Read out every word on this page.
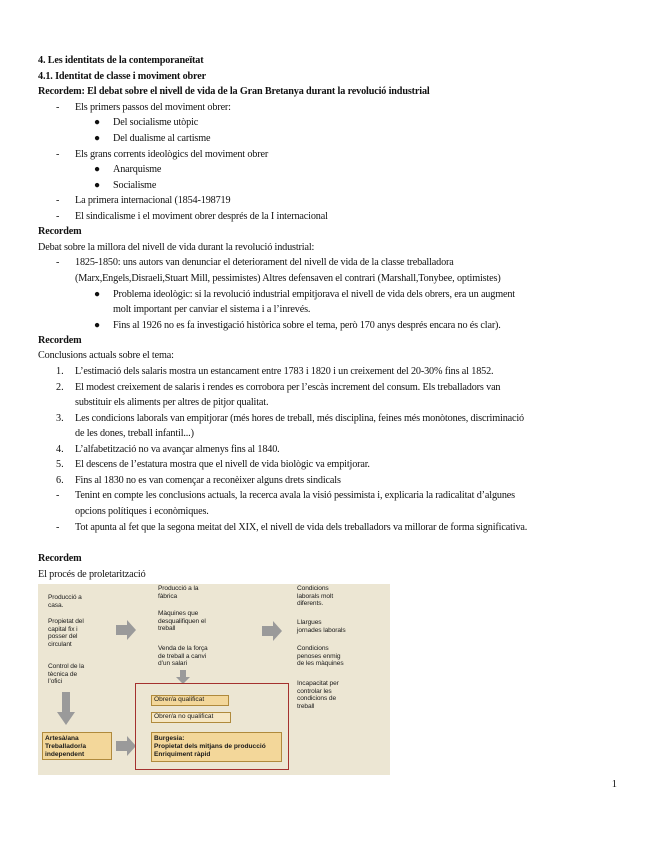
4. Les identitats de la contemporaneïtat
4.1. Identitat de classe i moviment obrer
Recordem: El debat sobre el nivell de vida de la Gran Bretanya durant la revolució industrial
- Els primers passos del moviment obrer:
● Del socialisme utòpic
● Del dualisme al cartisme
- Els grans corrents ideològics del moviment obrer
● Anarquisme
● Socialisme
- La primera internacional (1854-198719
- El sindicalisme i el moviment obrer després de la I internacional
Recordem
Debat sobre la millora del nivell de vida durant la revolució industrial:
- 1825-1850: uns autors van denunciar el deteriorament del nivell de vida de la classe treballadora
(Marx,Engels,Disraeli,Stuart Mill, pessimistes) Altres defensaven el contrari (Marshall,Tonybee, optimistes)
● Problema ideològic: si la revolució industrial empitjorava el nivell de vida dels obrers, era un augment
molt important per canviar el sistema i a l’inrevés.
● Fins al 1926 no es fa investigació històrica sobre el tema, però 170 anys després encara no és clar).
Recordem
Conclusions actuals sobre el tema:
1. L’estimació dels salaris mostra un estancament entre 1783 i 1820 i un creixement del 20-30% fins al 1852.
2. El modest creixement de salaris i rendes es corrobora per l’escàs increment del consum. Els treballadors van
substituir els aliments per altres de pitjor qualitat.
3. Les condicions laborals van empitjorar (més hores de treball, més disciplina, feines més monòtones, discriminació
de les dones, treball infantil...)
4. L’alfabetització no va avançar almenys fins al 1840.
5. El descens de l’estatura mostra que el nivell de vida biològic va empitjorar.
6. Fins al 1830 no es van començar a reconèixer alguns drets sindicals
- Tenint en compte les conclusions actuals, la recerca avala la visió pessimista i, explicaria la radicalitat d’algunes
opcions polítiques i econòmiques.
- Tot apunta al fet que la segona meitat del XIX, el nivell de vida dels treballadors va millorar de forma significativa.
Recordem
El procés de proletarització
Producció a
casa.
Propietat del
capital fix i
posser del
circulant
Control de la
tècnica de
l’ofici
Artesà/ana
Treballador/a
independent
Producció a la
fàbrica
Màquines que
desqualifiquen el
treball
Venda de la força
de treball a canvi
d’un salari
Obrer/a qualificat
Obrer/a no qualificat
Burgesia:
Propietat dels mitjans de producció
Enriquiment ràpid
Condicions
laborals molt
diferents.
Llargues
jornades laborals
Condicions
penoses enmig
de les màquines
Incapacitat per
controlar les
condicions de
treball
1
